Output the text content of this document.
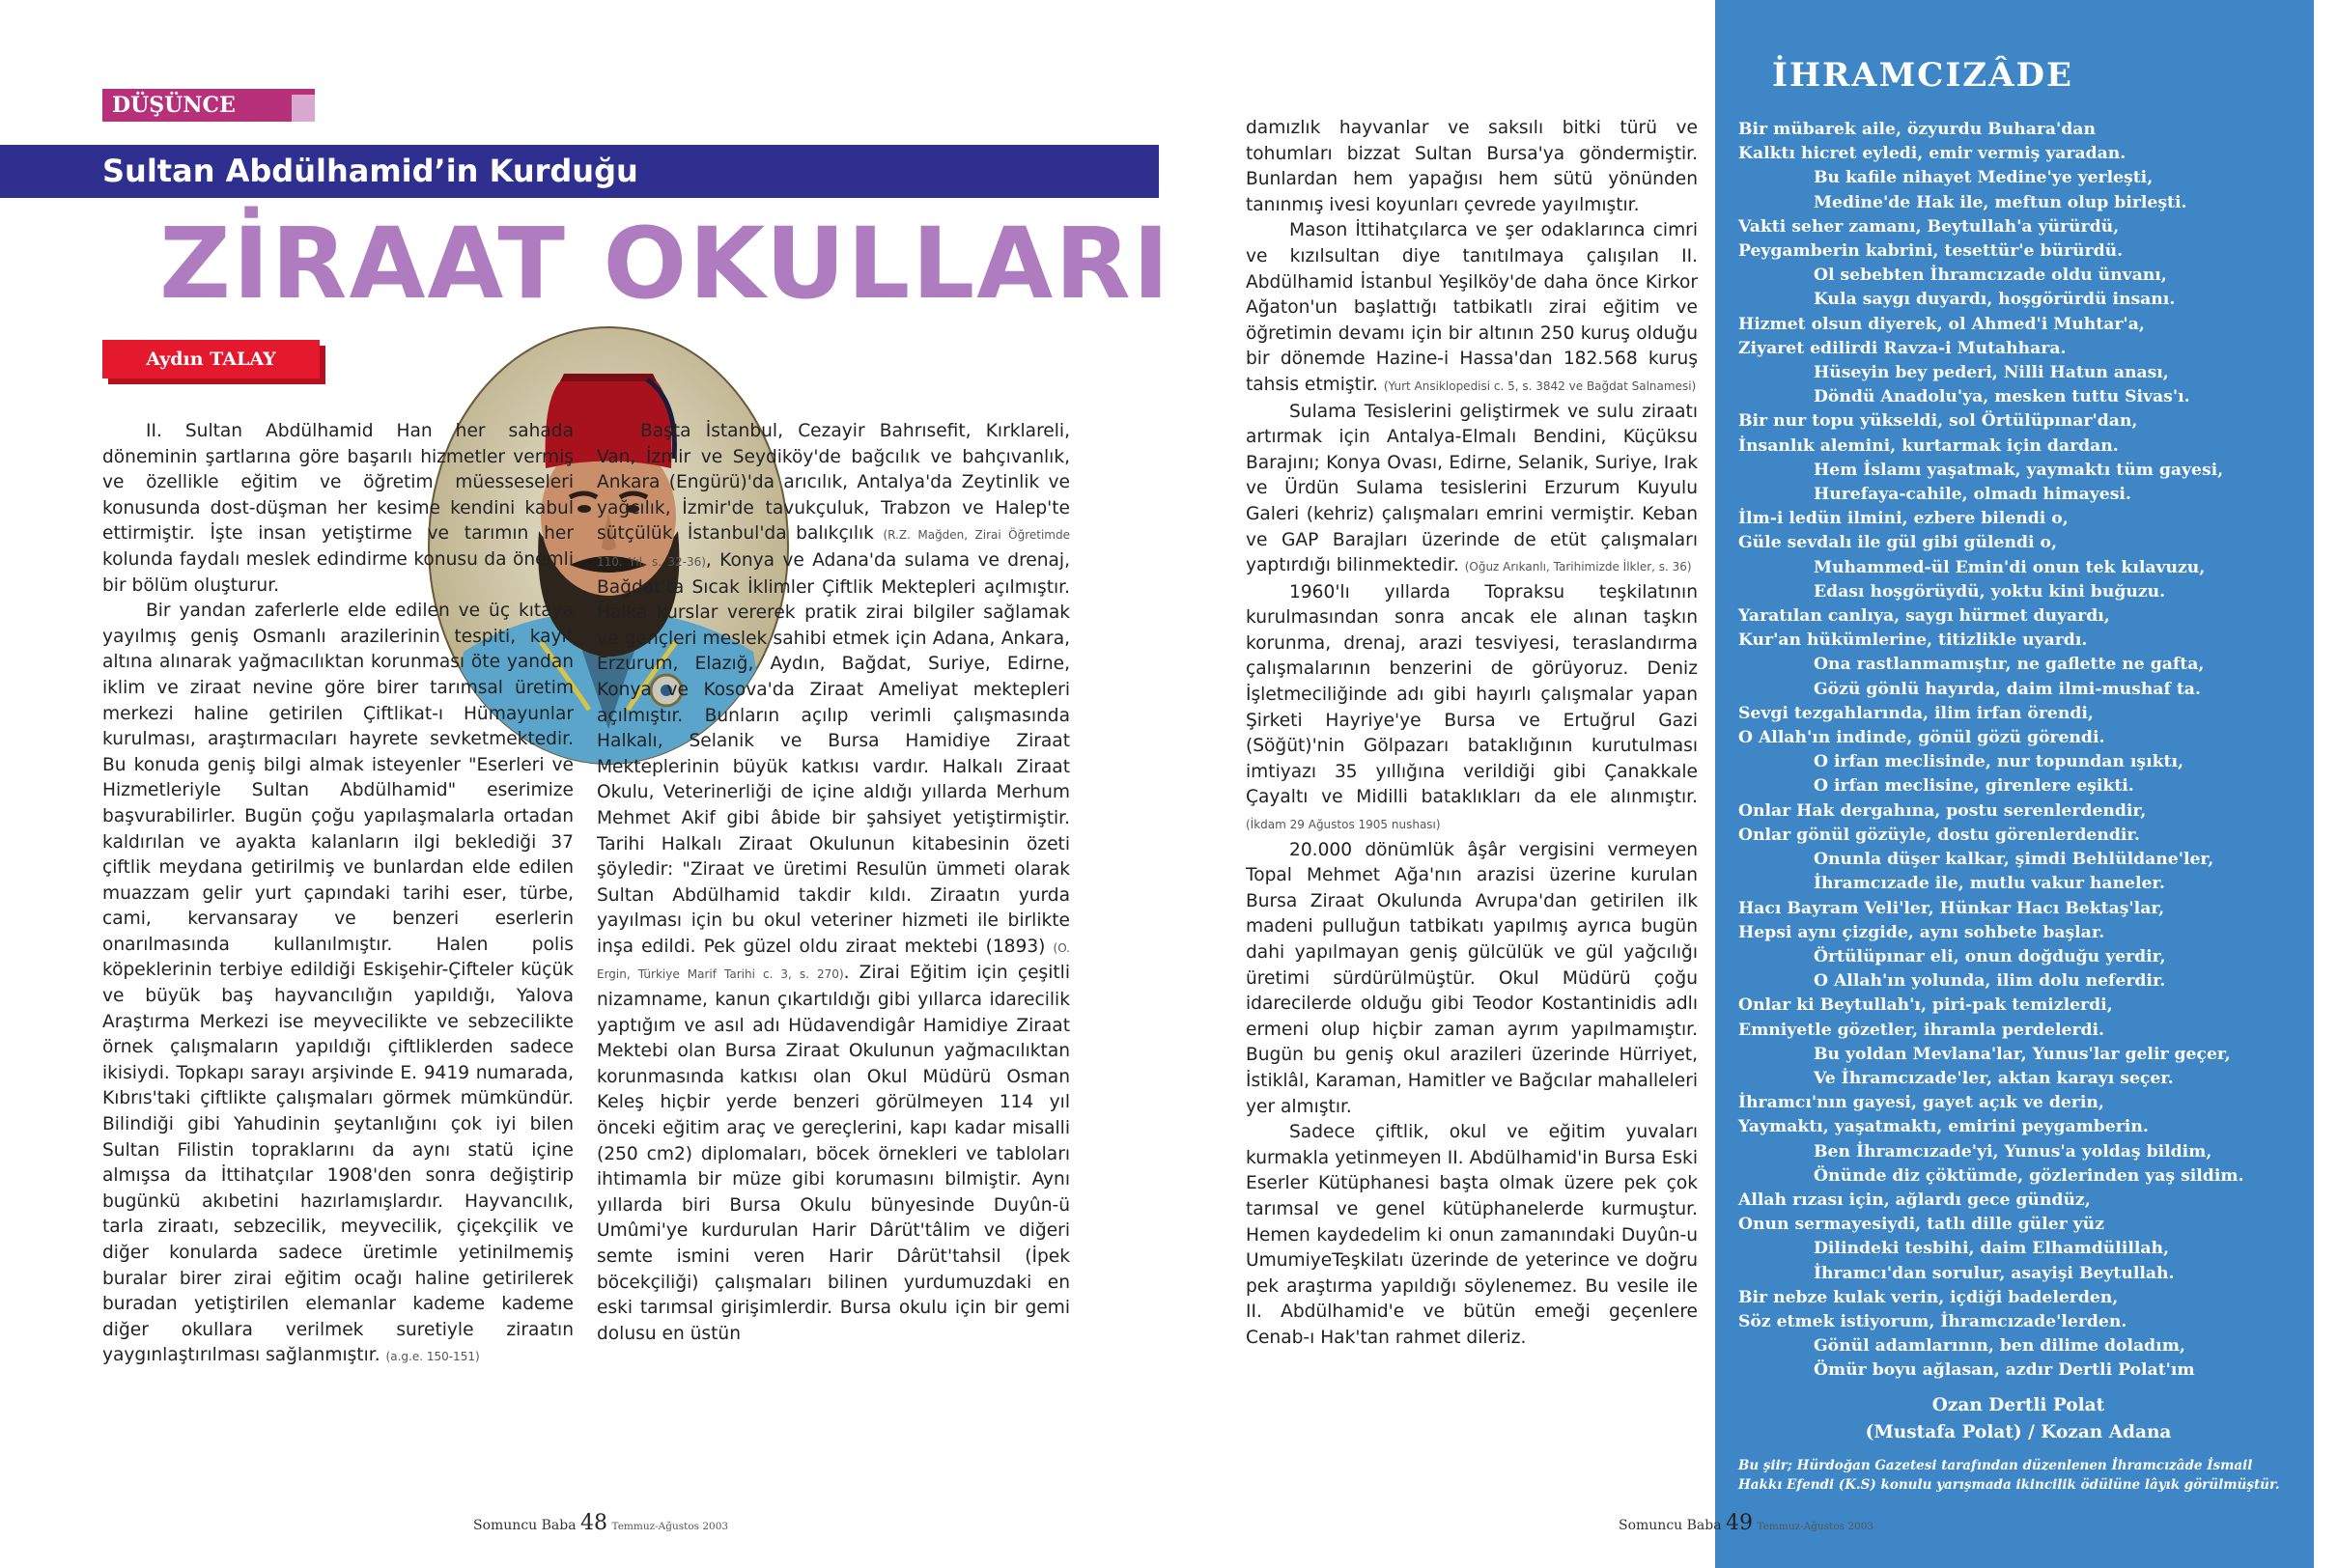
DÜŞÜNCE
Sultan Abdülhamid’in Kurduğu
ZİRAAT OKULLARI
Aydın TALAY

II. Sultan Abdülhamid Han her sahada döneminin şartlarına göre başarılı hizmetler vermiş ve özellikle eğitim ve öğretim müesseseleri konusunda dost-düşman her kesime kendini kabul ettirmiştir. İşte insan yetiştirme ve tarımın her kolunda faydalı meslek edindirme konusu da önemli bir bölüm oluşturur.

Bir yandan zaferlerle elde edilen ve üç kıtaya yayılmış geniş Osmanlı arazilerinin tespiti, kayıt altına alınarak yağmacılıktan korunması öte yandan iklim ve ziraat nevine göre birer tarımsal üretim merkezi haline getirilen Çiftlikat-ı Hümayunlar kurulması, araştırmacıları hayrete sevketmektedir. Bu konuda geniş bilgi almak isteyenler "Eserleri ve Hizmetleriyle Sultan Abdülhamid" eserimize başvurabilirler. Bugün çoğu yapılaşmalarla ortadan kaldırılan ve ayakta kalanların ilgi beklediği 37 çiftlik meydana getirilmiş ve bunlardan elde edilen muazzam gelir yurt çapındaki tarihi eser, türbe, cami, kervansaray ve benzeri eserlerin onarılmasında kullanılmıştır. Halen polis köpeklerinin terbiye edildiği Eskişehir-Çifteler küçük ve büyük baş hayvancılığın yapıldığı, Yalova Araştırma Merkezi ise meyvecilikte ve sebzecilikte örnek çalışmaların yapıldığı çiftliklerden sadece ikisiydi. Topkapı sarayı arşivinde E. 9419 numarada, Kıbrıs'taki çiftlikte çalışmaları görmek mümkündür. Bilindiği gibi Yahudinin şeytanlığını çok iyi bilen Sultan Filistin topraklarını da aynı statü içine almışsa da İttihatçılar 1908'den sonra değiştirip bugünkü akıbetini hazırlamışlardır. Hayvancılık, tarla ziraatı, sebzecilik, meyvecilik, çiçekçilik ve diğer konularda sadece üretimle yetinilmemiş buralar birer zirai eğitim ocağı haline getirilerek buradan yetiştirilen elemanlar kademe kademe diğer okullara verilmek suretiyle ziraatın yaygınlaştırılması sağlanmıştır. (a.g.e. 150-151)

Başta İstanbul, Cezayir Bahrısefit, Kırklareli, Van, İzmir ve Seydiköy'de bağcılık ve bahçıvanlık, Ankara (Engürü)'da arıcılık, Antalya'da Zeytinlik ve yağcılık, İzmir'de tavukçuluk, Trabzon ve Halep'te sütçülük, İstanbul'da balıkçılık (R.Z. Mağden, Zirai Öğretimde 110. Yıl, s. 32-36), Konya ve Adana'da sulama ve drenaj, Bağdat'ta Sıcak İklimler Çiftlik Mektepleri açılmıştır. Halka kurslar vererek pratik zirai bilgiler sağlamak ve gençleri meslek sahibi etmek için Adana, Ankara, Erzurum, Elazığ, Aydın, Bağdat, Suriye, Edirne, Konya ve Kosova'da Ziraat Ameliyat mektepleri açılmıştır. Bunların açılıp verimli çalışmasında Halkalı, Selanik ve Bursa Hamidiye Ziraat Mekteplerinin büyük katkısı vardır. Halkalı Ziraat Okulu, Veterinerliği de içine aldığı yıllarda Merhum Mehmet Akif gibi âbide bir şahsiyet yetiştirmiştir. Tarihi Halkalı Ziraat Okulunun kitabesinin özeti şöyledir: "Ziraat ve üretimi Resulün ümmeti olarak Sultan Abdülhamid takdir kıldı. Ziraatın yurda yayılması için bu okul veteriner hizmeti ile birlikte inşa edildi. Pek güzel oldu ziraat mektebi (1893) (O. Ergin, Türkiye Marif Tarihi c. 3, s. 270). Zirai Eğitim için çeşitli nizamname, kanun çıkartıldığı gibi yıllarca idarecilik yaptığım ve asıl adı Hüdavendigâr Hamidiye Ziraat Mektebi olan Bursa Ziraat Okulunun yağmacılıktan korunmasında katkısı olan Okul Müdürü Osman Keleş hiçbir yerde benzeri görülmeyen 114 yıl önceki eğitim araç ve gereçlerini, kapı kadar misalli (250 cm2) diplomaları, böcek örnekleri ve tabloları ihtimamla bir müze gibi korumasını bilmiştir. Aynı yıllarda biri Bursa Okulu bünyesinde Duyûn-ü Umûmi'ye kurdurulan Harir Dârüt'tâlim ve diğeri semte ismini veren Harir Dârüt'tahsil (İpek böcekçiliği) çalışmaları bilinen yurdumuzdaki en eski tarımsal girişimlerdir. Bursa okulu için bir gemi dolusu en üstün

damızlık hayvanlar ve saksılı bitki türü ve tohumları bizzat Sultan Bursa'ya göndermiştir. Bunlardan hem yapağısı hem sütü yönünden tanınmış ivesi koyunları çevrede yayılmıştır.

Mason İttihatçılarca ve şer odaklarınca cimri ve kızılsultan diye tanıtılmaya çalışılan II. Abdülhamid İstanbul Yeşilköy'de daha önce Kirkor Ağaton'un başlattığı tatbikatlı zirai eğitim ve öğretimin devamı için bir altının 250 kuruş olduğu bir dönemde Hazine-i Hassa'dan 182.568 kuruş tahsis etmiştir. (Yurt Ansiklopedisi c. 5, s. 3842 ve Bağdat Salnamesi)

Sulama Tesislerini geliştirmek ve sulu ziraatı artırmak için Antalya-Elmalı Bendini, Küçüksu Barajını; Konya Ovası, Edirne, Selanik, Suriye, Irak ve Ürdün Sulama tesislerini Erzurum Kuyulu Galeri (kehriz) çalışmaları emrini vermiştir. Keban ve GAP Barajları üzerinde de etüt çalışmaları yaptırdığı bilinmektedir. (Oğuz Arıkanlı, Tarihimizde İlkler, s. 36)

1960'lı yıllarda Topraksu teşkilatının kurulmasından sonra ancak ele alınan taşkın korunma, drenaj, arazi tesviyesi, teraslandırma çalışmalarının benzerini de görüyoruz. Deniz İşletmeciliğinde adı gibi hayırlı çalışmalar yapan Şirketi Hayriye'ye Bursa ve Ertuğrul Gazi (Söğüt)'nin Gölpazarı bataklığının kurutulması imtiyazı 35 yıllığına verildiği gibi Çanakkale Çayaltı ve Midilli bataklıkları da ele alınmıştır. (İkdam 29 Ağustos 1905 nushası)

20.000 dönümlük âşâr vergisini vermeyen Topal Mehmet Ağa'nın arazisi üzerine kurulan Bursa Ziraat Okulunda Avrupa'dan getirilen ilk madeni pulluğun tatbikatı yapılmış ayrıca bugün dahi yapılmayan geniş gülcülük ve gül yağcılığı üretimi sürdürülmüştür. Okul Müdürü çoğu idarecilerde olduğu gibi Teodor Kostantinidis adlı ermeni olup hiçbir zaman ayrım yapılmamıştır. Bugün bu geniş okul arazileri üzerinde Hürriyet, İstiklâl, Karaman, Hamitler ve Bağcılar mahalleleri yer almıştır.

Sadece çiftlik, okul ve eğitim yuvaları kurmakla yetinmeyen II. Abdülhamid'in Bursa Eski Eserler Kütüphanesi başta olmak üzere pek çok tarımsal ve genel kütüphanelerde kurmuştur. Hemen kaydedelim ki onun zamanındaki Duyûn-u UmumiyeTeşkilatı üzerinde de yeterince ve doğru pek araştırma yapıldığı söylenemez. Bu vesile ile II. Abdülhamid'e ve bütün emeği geçenlere Cenab-ı Hak'tan rahmet dileriz.

İHRAMCIZÂDE
Bir mübarek aile, özyurdu Buhara'dan
Kalktı hicret eyledi, emir vermiş yaradan.
Bu kafile nihayet Medine'ye yerleşti,
Medine'de Hak ile, meftun olup birleşti.
Vakti seher zamanı, Beytullah'a yürürdü,
Peygamberin kabrini, tesettür'e bürürdü.
Ol sebebten İhramcızade oldu ünvanı,
Kula saygı duyardı, hoşgörürdü insanı.
Hizmet olsun diyerek, ol Ahmed'i Muhtar'a,
Ziyaret edilirdi Ravza-i Mutahhara.
Hüseyin bey pederi, Nilli Hatun anası,
Döndü Anadolu'ya, mesken tuttu Sivas'ı.
Bir nur topu yükseldi, sol Örtülüpınar'dan,
İnsanlık alemini, kurtarmak için dardan.
Hem İslamı yaşatmak, yaymaktı tüm gayesi,
Hurefaya-cahile, olmadı himayesi.
İlm-i ledün ilmini, ezbere bilendi o,
Güle sevdalı ile gül gibi gülendi o,
Muhammed-ül Emin'di onun tek kılavuzu,
Edası hoşgörüydü, yoktu kini buğuzu.
Yaratılan canlıya, saygı hürmet duyardı,
Kur'an hükümlerine, titizlikle uyardı.
Ona rastlanmamıştır, ne gaflette ne gafta,
Gözü gönlü hayırda, daim ilmi-mushaf ta.
Sevgi tezgahlarında, ilim irfan örendi,
O Allah'ın indinde, gönül gözü görendi.
O irfan meclisinde, nur topundan ışıktı,
O irfan meclisine, girenlere eşikti.
Onlar Hak dergahına, postu serenlerdendir,
Onlar gönül gözüyle, dostu görenlerdendir.
Onunla düşer kalkar, şimdi Behlüldane'ler,
İhramcızade ile, mutlu vakur haneler.
Hacı Bayram Veli'ler, Hünkar Hacı Bektaş'lar,
Hepsi aynı çizgide, aynı sohbete başlar.
Örtülüpınar eli, onun doğduğu yerdir,
O Allah'ın yolunda, ilim dolu neferdir.
Onlar ki Beytullah'ı, piri-pak temizlerdi,
Emniyetle gözetler, ihramla perdelerdi.
Bu yoldan Mevlana'lar, Yunus'lar gelir geçer,
Ve İhramcızade'ler, aktan karayı seçer.
İhramcı'nın gayesi, gayet açık ve derin,
Yaymaktı, yaşatmaktı, emirini peygamberin.
Ben İhramcızade'yi, Yunus'a yoldaş bildim,
Önünde diz çöktümde, gözlerinden yaş sildim.
Allah rızası için, ağlardı gece gündüz,
Onun sermayesiydi, tatlı dille güler yüz
Dilindeki tesbihi, daim Elhamdülillah,
İhramcı'dan sorulur, asayişi Beytullah.
Bir nebze kulak verin, içdiği badelerden,
Söz etmek istiyorum, İhramcızade'lerden.
Gönül adamlarının, ben dilime doladım,
Ömür boyu ağlasan, azdır Dertli Polat'ım
Ozan Dertli Polat
(Mustafa Polat) / Kozan Adana
Bu şiir; Hürdoğan Gazetesi tarafından düzenlenen İhramcızâde İsmail Hakkı Efendi (K.S) konulu yarışmada ikincilik ödülüne lâyık görülmüştür.
Somuncu Baba 48 Temmuz-Ağustos 2003	Somuncu Baba 49 Temmuz-Ağustos 2003
